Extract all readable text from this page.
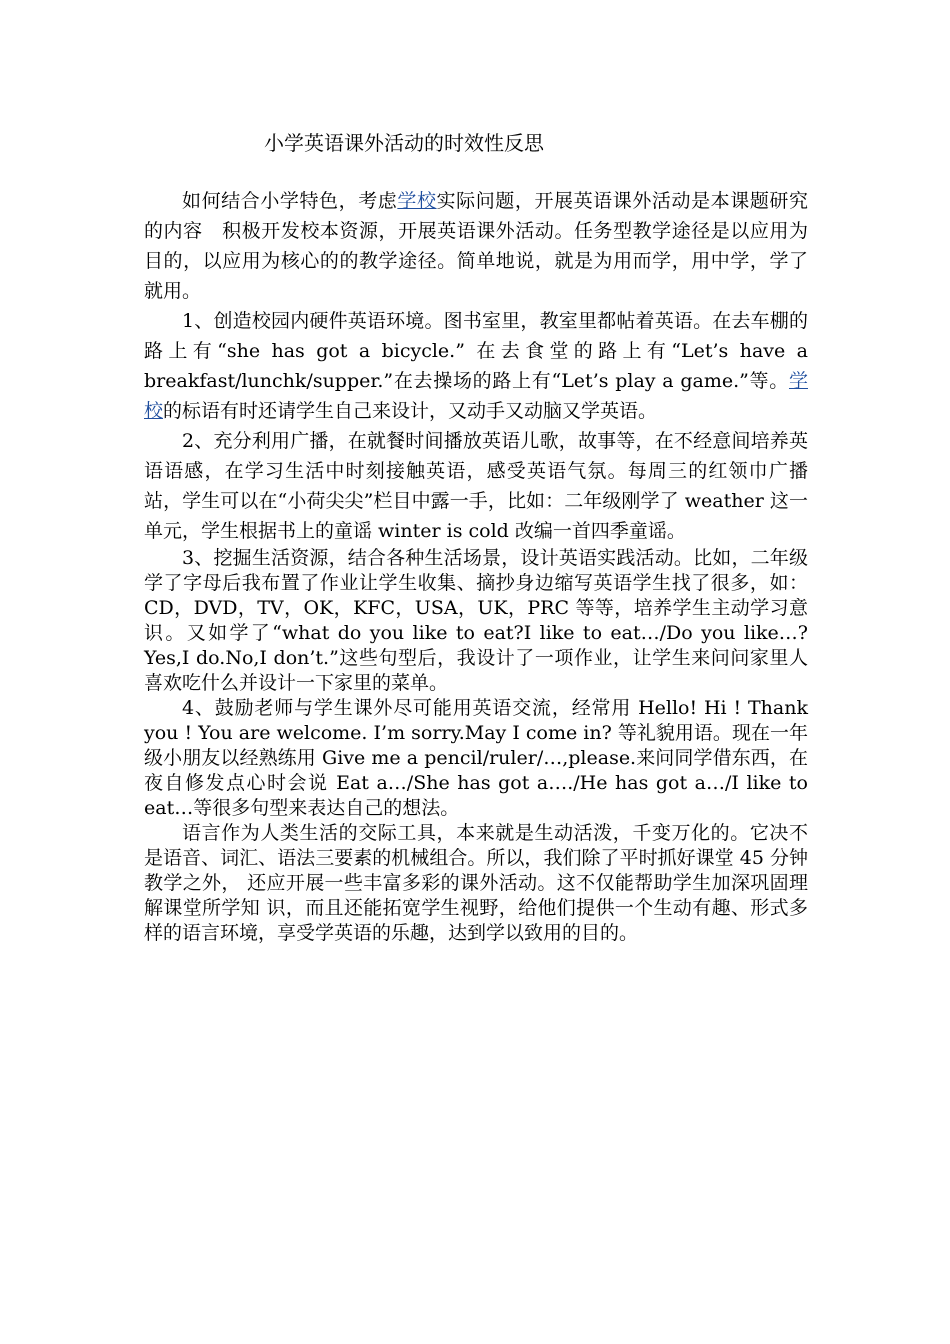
小学英语课外活动的时效性反思

如何结合小学特色，考虑学校实际问题，开展英语课外活动是本课题研究的内容　积极开发校本资源，开展英语课外活动。任务型教学途径是以应用为目的，以应用为核心的的教学途径。简单地说，就是为用而学，用中学，学了就用。

1、创造校园内硬件英语环境。图书室里，教室里都帖着英语。在去车棚的路上有“she has got a bicycle.” 在去食堂的路上有“Let’s have a breakfast/lunchk/supper.”在去操场的路上有“Let’s play a game.”等。学校的标语有时还请学生自己来设计，又动手又动脑又学英语。

2、充分利用广播，在就餐时间播放英语儿歌，故事等，在不经意间培养英语语感，在学习生活中时刻接触英语，感受英语气氛。每周三的红领巾广播站，学生可以在“小荷尖尖”栏目中露一手，比如：二年级刚学了 weather 这一单元，学生根据书上的童谣 winter is cold 改编一首四季童谣。

3、挖掘生活资源，结合各种生活场景，设计英语实践活动。比如，二年级学了字母后我布置了作业让学生收集、摘抄身边缩写英语学生找了很多，如：CD，DVD，TV，OK，KFC，USA，UK，PRC 等等，培养学生主动学习意识。又如学了“what do you like to eat?I like to eat…/Do you like…?Yes,I do.No,I don’t.”这些句型后，我设计了一项作业，让学生来问问家里人喜欢吃什么并设计一下家里的菜单。

4、鼓励老师与学生课外尽可能用英语交流，经常用 Hello! Hi ! Thank you ! You are welcome. I’m sorry.May I come in? 等礼貌用语。现在一年级小朋友以经熟练用 Give me a pencil/ruler/…,please.来问同学借东西，在夜自修发点心时会说 Eat a…/She has got a…./He has got a…/I like to eat…等很多句型来表达自己的想法。

语言作为人类生活的交际工具，本来就是生动活泼，千变万化的。它决不是语音、词汇、语法三要素的机械组合。所以，我们除了平时抓好课堂 45 分钟教学之外， 还应开展一些丰富多彩的课外活动。这不仅能帮助学生加深巩固理解课堂所学知 识，而且还能拓宽学生视野，给他们提供一个生动有趣、形式多样的语言环境，享受学英语的乐趣，达到学以致用的目的。
